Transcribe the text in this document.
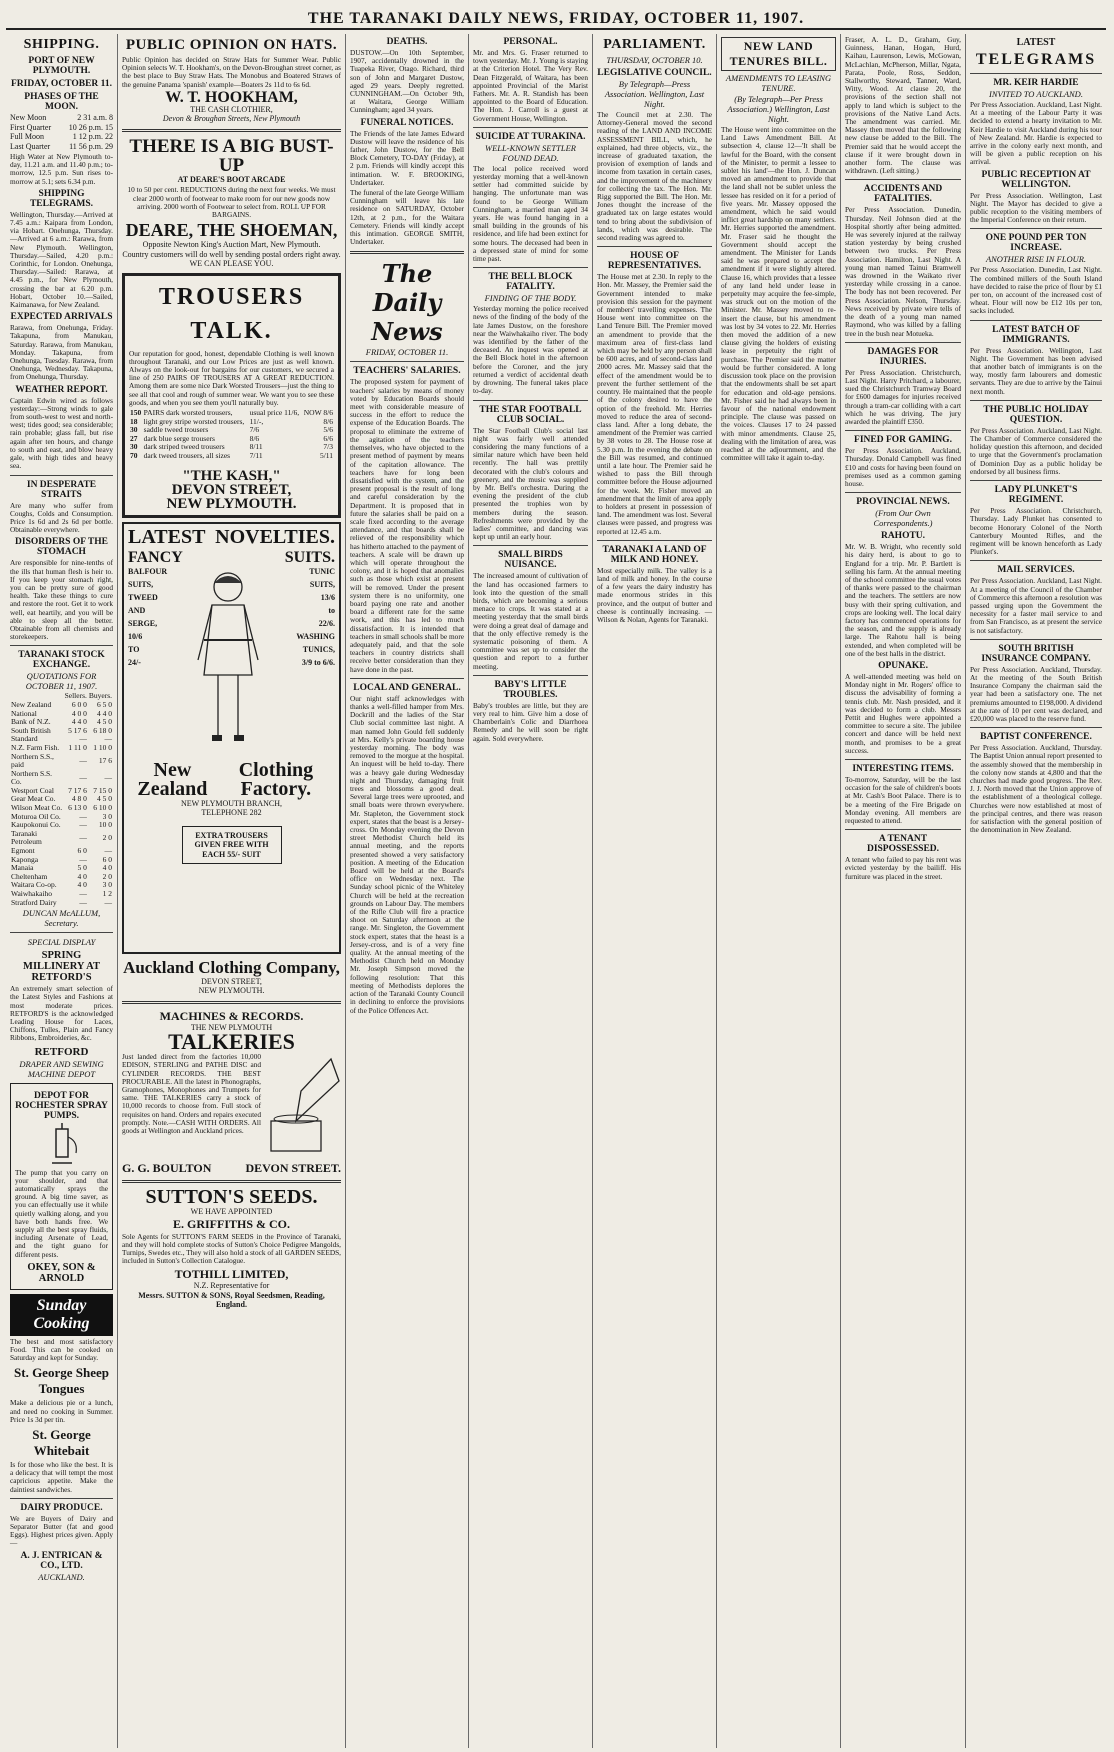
THE TARANAKI DAILY NEWS, FRIDAY, OCTOBER 11, 1907.
SHIPPING.
PORT OF NEW PLYMOUTH.
FRIDAY, OCTOBER 11.
PHASES OF THE MOON.
New Moon	2 31 a.m. 8
First Quarter 10 26 p.m. 15
Full Moon	1 12 p.m. 22
Last Quarter 11 56 p.m. 29
High Water at New Plymouth to-day, 11.21 a.m. and 11.40 p.m.; to-morrow, 12.5 p.m. Sun rises to-morrow at 5.1; sets 6.34 p.m.
SHIPPING TELEGRAMS.
Wellington, Thursday.—Arrived at 7.45 a.m.: Kaipara from London, via Hobart. Onehunga, Thursday.—Arrived at 6 a.m.: Rarawa, from New Plymouth. Wellington, Thursday.—Sailed, 4.20 p.m.: Corinthic, for London. Onehunga, Thursday.—Sailed: Rarawa, at 4.45 p.m., for New Plymouth, crossing the bar at 6.20 p.m. Hobart, October 10.—Sailed, Kaimanawa, for New Zealand.
EXPECTED ARRIVALS
Rarawa, from Onehunga, Friday. Takapuna, from Manukau, Saturday. Rarawa, from Manukau, Monday. Takapuna, from Onehunga, Tuesday. Rarawa, from Onehunga, Wednesday. Takapuna, from Onehunga, Thursday.
WEATHER REPORT.
Captain Edwin wired as follows yesterday:—Strong winds to gale from south-west to west and north-west; tides good; sea considerable; rain probable; glass fall, but rise again after ten hours, and change to south and east, and blow heavy gale, with high tides and heavy sea.
IN DESPERATE STRAITS
Are many who suffer from Coughs, Colds and Consumption. Price 1s 6d and 2s 6d per bottle. Obtainable everywhere.
DISORDERS OF THE STOMACH
Are responsible for nine-tenths of the ills that human flesh is heir to. If you keep your stomach right, you can be pretty sure of good health. Take these things to cure and restore the root. Get it to work well, eat heartily, and you will be able to sleep all the better. Obtainable from all chemists and storekeepers.
TARANAKI STOCK EXCHANGE.
QUOTATIONS FOR OCTOBER 11, 1907.
	Sellers.	Buyers.
New Zealand	6 0 0	6 5 0
National	4 0 0	4 4 0
Bank of N.Z.	4 4 0	4 5 0
South British	5 17 6	6 18 0
Standard	—	—
N.Z. Farm Fish.	1 11 0	1 10 0
Northern S.S., paid	—	17 6
Northern S.S. Co.	—	—
Westport Coal	7 17 6	7 15 0
Gear Meat Co.	4 8 0	4 5 0
Wilson Meat Co.	6 13 0	6 10 0
Moturoa Oil Co.	—	3 0
Kaupokonui Co.	—	10 0
Taranaki Petroleum	—	2 0
Egmont	6 0	—
Kaponga	—	6 0
Manaia	5 0	4 0
Cheltenham	4 0	2 0
Waitara Co-op.	4 0	3 0
Waiwhakaiho	—	1 2
Stratford Dairy	—	—
DUNCAN McALLUM, Secretary.
SPECIAL DISPLAY
SPRING MILLINERY AT RETFORD'S
An extremely smart selection of the Latest Styles and Fashions at most moderate prices. RETFORD'S is the acknowledged Leading House for Laces, Chiffons, Tulles, Plain and Fancy Ribbons, Embroideries, &c.
RETFORD
DRAPER AND SEWING MACHINE DEPOT
DEPOT FOR ROCHESTER SPRAY PUMPS.
The pump that you carry on your shoulder, and that automatically sprays the ground. A big time saver, as you can effectually use it while quietly walking along, and you have both hands free. We supply all the best spray fluids, including Arsenate of Lead, and the tight guano for different pests.
OKEY, SON & ARNOLD
Sunday Cooking
The best and most satisfactory Food. This can be cooked on Saturday and kept for Sunday.
St. George Sheep Tongues
Make a delicious pie or a lunch, and need no cooking in Summer. Price 1s 3d per tin.
St. George Whitebait
Is for those who like the best. It is a delicacy that will tempt the most capricious appetite. Make the daintiest sandwiches.
DAIRY PRODUCE.
We are Buyers of Dairy and Separator Butter (fat and good Eggs). Highest prices given. Apply—
A. J. ENTRICAN & CO., LTD.
AUCKLAND.
PUBLIC OPINION ON HATS.
Public Opinion has decided on Straw Hats for Summer Wear. Public Opinion selects W. T. Hookham's, on the Devon-Broughan street corner, as the best place to Buy Straw Hats. The Monobus and Boatered Straws of the genuine Panama 'spanish' example—Boaters 2s 11d to 6s 6d.
W. T. HOOKHAM,
THE CASH CLOTHIER,
Devon & Broughan Streets, New Plymouth
THERE IS A BIG BUST-UP
AT DEARE'S BOOT ARCADE
10 to 50 per cent. REDUCTIONS during the next four weeks. We must clear 2000 worth of footwear to make room for our new goods now arriving. 2000 worth of Footwear to select from. ROLL UP FOR BARGAINS.
DEARE, THE SHOEMAN,
Opposite Newton King's Auction Mart, New Plymouth.
Country customers will do well by sending postal orders right away. WE CAN PLEASE YOU.
TROUSERS TALK.
Our reputation for good, honest, dependable Clothing is well known throughout Taranaki, and our Low Prices are just as well known. Always on the look-out for bargains for our customers, we secured a line of 250 PAIRS OF TROUSERS AT A GREAT REDUCTION. Among them are some nice Dark Worsted Trousers—just the thing to see all that cool and rough of summer wear. We want you to see these goods, and when you see them you'll naturally buy.
150	PAIRS dark worsted trousers,	usual price 11/6,	NOW 8/6
18	light grey stripe worsted trousers,	11/-,	8/6
30	saddle tweed trousers	7/6	5/6
27	dark blue serge trousers	8/6	6/6
30	dark striped tweed trousers	8/11	7/3
70	dark tweed trousers, all sizes	7/11	5/11
"THE KASH,"
DEVON STREET,
NEW PLYMOUTH.
LATEST NOVELTIES.
FANCY	SUITS.
BALFOUR
SUITS,
TWEED
AND
SERGE,
10/6
TO
24/-
TUNIC
SUITS,
13/6
to
22/6.
WASHING
TUNICS,
3/9 to 6/6.
New Zealand
Clothing Factory.
NEW PLYMOUTH BRANCH,
TELEPHONE 282
EXTRA TROUSERS GIVEN FREE WITH EACH 55/- SUIT
Auckland Clothing Company,
DEVON STREET,
NEW PLYMOUTH.
MACHINES & RECORDS.
THE NEW PLYMOUTH
TALKERIES
Just landed direct from the factories 10,000 EDISON, STERLING and PATHE DISC and CYLINDER RECORDS. THE BEST PROCURABLE. All the latest in Phonographs, Gramophones, Monophones and Trumpets for same. THE TALKERIES carry a stock of 10,000 records to choose from. Full stock of requisites on hand. Orders and repairs executed promptly. Note.—CASH WITH ORDERS. All goods at Wellington and Auckland prices.
G. G. BOULTON	DEVON STREET.
SUTTON'S SEEDS.
WE HAVE APPOINTED
E. GRIFFITHS & CO.
Sole Agents for SUTTON'S FARM SEEDS in the Province of Taranaki, and they will hold complete stocks of Sutton's Choice Pedigree Mangolds, Turnips, Swedes etc., They will also hold a stock of all GARDEN SEEDS, included in Sutton's Collection Catalogue.
TOTHILL LIMITED,
N.Z. Representative for
Messrs. SUTTON & SONS, Royal Seedsmen, Reading, England.
DEATHS.
DUSTOW.—On 10th September, 1907, accidentally drowned in the Tuapeka River, Otago. Richard, third son of John and Margaret Dustow, aged 29 years. Deeply regretted. CUNNINGHAM.—On October 9th, at Waitara, George William Cunningham; aged 34 years.
FUNERAL NOTICES.
The Friends of the late James Edward Dustow will leave the residence of his father, John Dustow, for the Bell Block Cemetery, TO-DAY (Friday), at 2 p.m. Friends will kindly accept this intimation. W. F. BROOKING, Undertaker.
The funeral of the late George William Cunningham will leave his late residence on SATURDAY, October 12th, at 2 p.m., for the Waitara Cemetery. Friends will kindly accept this intimation. GEORGE SMITH, Undertaker.
The Daily News
FRIDAY, OCTOBER 11.
TEACHERS' SALARIES.
The proposed system for payment of teachers' salaries by means of money voted by Education Boards should meet with considerable measure of success in the effort to reduce the expense of the Education Boards. The proposal to eliminate the extreme of the agitation of the teachers themselves, who have objected to the present method of payment by means of the capitation allowance. The teachers have for long been dissatisfied with the system, and the present proposal is the result of long and careful consideration by the Department. It is proposed that in future the salaries shall be paid on a scale fixed according to the average attendance, and that boards shall be relieved of the responsibility which has hitherto attached to the payment of teachers. A scale will be drawn up which will operate throughout the colony, and it is hoped that anomalies such as those which exist at present will be removed. Under the present system there is no uniformity, one board paying one rate and another board a different rate for the same work, and this has led to much dissatisfaction. It is intended that teachers in small schools shall be more adequately paid, and that the sole teachers in country districts shall receive better consideration than they have done in the past.
LOCAL AND GENERAL.
Our night staff acknowledges with thanks a well-filled hamper from Mrs. Dockrill and the ladies of the Star Club social committee last night. A man named John Gould fell suddenly at Mrs. Kelly's private boarding house yesterday morning. The body was removed to the morgue at the hospital. An inquest will be held to-day. There was a heavy gale during Wednesday night and Thursday, damaging fruit trees and blossoms a good deal. Several large trees were uprooted, and small boats were thrown everywhere. Mr. Stapleton, the Government stock expert, states that the beast is a Jersey-cross. On Monday evening the Devon street Methodist Church held its annual meeting, and the reports presented showed a very satisfactory position. A meeting of the Education Board will be held at the Board's office on Wednesday next. The Sunday school picnic of the Whiteley Church will be held at the recreation grounds on Labour Day. The members of the Rifle Club will fire a practice shoot on Saturday afternoon at the range. Mr. Singleton, the Government stock expert, states that the heast is a Jersey-cross, and is of a very fine quality. At the annual meeting of the Methodist Church held on Monday Mr. Joseph Simpson moved the following resolution: That this meeting of Methodists deplores the action of the Taranaki County Council in declining to enforce the provisions of the Police Offences Act.
PERSONAL.
Mr. and Mrs. G. Fraser returned to town yesterday. Mr. J. Young is staying at the Criterion Hotel. The Very Rev. Dean Fitzgerald, of Waitara, has been appointed Provincial of the Marist Fathers. Mr. A. R. Standish has been appointed to the Board of Education. The Hon. J. Carroll is a guest at Government House, Wellington.
SUICIDE AT TURAKINA.
WELL-KNOWN SETTLER FOUND DEAD.
The local police received word yesterday morning that a well-known settler had committed suicide by hanging. The unfortunate man was found to be George William Cunningham, a married man aged 34 years. He was found hanging in a small building in the grounds of his residence, and life had been extinct for some hours. The deceased had been in a depressed state of mind for some time past.
THE BELL BLOCK FATALITY.
FINDING OF THE BODY.
Yesterday morning the police received news of the finding of the body of the late James Dustow, on the foreshore near the Waiwhakaiho river. The body was identified by the father of the deceased. An inquest was opened at the Bell Block hotel in the afternoon before the Coroner, and the jury returned a verdict of accidental death by drowning. The funeral takes place to-day.
THE STAR FOOTBALL CLUB SOCIAL.
The Star Football Club's social last night was fairly well attended considering the many functions of a similar nature which have been held recently. The hall was prettily decorated with the club's colours and greenery, and the music was supplied by Mr. Bell's orchestra. During the evening the president of the club presented the trophies won by members during the season. Refreshments were provided by the ladies' committee, and dancing was kept up until an early hour.
SMALL BIRDS NUISANCE.
The increased amount of cultivation of the land has occasioned farmers to look into the question of the small birds, which are becoming a serious menace to crops. It was stated at a meeting yesterday that the small birds were doing a great deal of damage and that the only effective remedy is the systematic poisoning of them. A committee was set up to consider the question and report to a further meeting.
BABY'S LITTLE TROUBLES.
Baby's troubles are little, but they are very real to him. Give him a dose of Chamberlain's Colic and Diarrhoea Remedy and he will soon be right again. Sold everywhere.
PARLIAMENT.
THURSDAY, OCTOBER 10.
LEGISLATIVE COUNCIL.
By Telegraph—Press Association. Wellington, Last Night.
The Council met at 2.30. The Attorney-General moved the second reading of the LAND AND INCOME ASSESSMENT BILL, which, he explained, had three objects, viz., the increase of graduated taxation, the provision of exemption of lands and income from taxation in certain cases, and the improvement of the machinery for collecting the tax. The Hon. Mr. Rigg supported the Bill. The Hon. Mr. Jones thought the increase of the graduated tax on large estates would tend to bring about the subdivision of lands, which was desirable. The second reading was agreed to.
HOUSE OF REPRESENTATIVES.
The House met at 2.30. In reply to the Hon. Mr. Massey, the Premier said the Government intended to make provision this session for the payment of members' travelling expenses. The House went into committee on the Land Tenure Bill. The Premier moved an amendment to provide that the maximum area of first-class land which may be held by any person shall be 600 acres, and of second-class land 2000 acres. Mr. Massey said that the effect of the amendment would be to prevent the further settlement of the country. He maintained that the people of the colony desired to have the option of the freehold. Mr. Herries moved to reduce the area of second-class land. After a long debate, the amendment of the Premier was carried by 38 votes to 28. The House rose at 5.30 p.m. In the evening the debate on the Bill was resumed, and continued until a late hour. The Premier said he wished to pass the Bill through committee before the House adjourned for the week. Mr. Fisher moved an amendment that the limit of area apply to holders at present in possession of land. The amendment was lost. Several clauses were passed, and progress was reported at 12.45 a.m.
TARANAKI A LAND OF MILK AND HONEY.
Most especially milk. The valley is a land of milk and honey. In the course of a few years the dairy industry has made enormous strides in this province, and the output of butter and cheese is continually increasing. — Wilson & Nolan, Agents for Taranaki.
NEW LAND TENURES BILL.
AMENDMENTS TO LEASING TENURE.
(By Telegraph—Per Press Association.) Wellington, Last Night.
The House went into committee on the Land Laws Amendment Bill. At subsection 4, clause 12—'It shall be lawful for the Board, with the consent of the Minister, to permit a lessee to sublet his land'—the Hon. J. Duncan moved an amendment to provide that the land shall not be sublet unless the lessee has resided on it for a period of five years. Mr. Massey opposed the amendment, which he said would inflict great hardship on many settlers. Mr. Herries supported the amendment. Mr. Fraser said he thought the Government should accept the amendment. The Minister for Lands said he was prepared to accept the amendment if it were slightly altered. Clause 16, which provides that a lessee of any land held under lease in perpetuity may acquire the fee-simple, was struck out on the motion of the Minister. Mr. Massey moved to re-insert the clause, but his amendment was lost by 34 votes to 22. Mr. Herries then moved the addition of a new clause giving the holders of existing lease in perpetuity the right of purchase. The Premier said the matter would be further considered. A long discussion took place on the provision that the endowments shall be set apart for education and old-age pensions. Mr. Fisher said he had always been in favour of the national endowment principle. The clause was passed on the voices. Clauses 17 to 24 passed with minor amendments. Clause 25, dealing with the limitation of area, was reached at the adjournment, and the committee will take it again to-day.
Fraser, A. L. D., Graham, Guy, Guinness, Hanan, Hogan, Hurd, Kaihau, Laurenson, Lewis, McGowan, McLachlan, McPherson, Millar, Ngata, Parata, Poole, Ross, Seddon, Stallworthy, Steward, Tanner, Ward, Witty, Wood. At clause 20, the provisions of the section shall not apply to land which is subject to the provisions of the Native Land Acts. The amendment was carried. Mr. Massey then moved that the following new clause be added to the Bill. The Premier said that he would accept the clause if it were brought down in another form. The clause was withdrawn. (Left sitting.)
ACCIDENTS AND FATALITIES.
Per Press Association. Dunedin, Thursday. Neil Johnson died at the Hospital shortly after being admitted. He was severely injured at the railway station yesterday by being crushed between two trucks. Per Press Association. Hamilton, Last Night. A young man named Tainui Bramwell was drowned in the Waikato river yesterday while crossing in a canoe. The body has not been recovered. Per Press Association. Nelson, Thursday. News received by private wire tells of the death of a young man named Raymond, who was killed by a falling tree in the bush near Motueka.
DAMAGES FOR INJURIES.
Per Press Association. Christchurch, Last Night. Harry Pritchard, a labourer, sued the Christchurch Tramway Board for £600 damages for injuries received through a tram-car colliding with a cart which he was driving. The jury awarded the plaintiff £350.
FINED FOR GAMING.
Per Press Association. Auckland, Thursday. Donald Campbell was fined £10 and costs for having been found on premises used as a common gaming house.
PROVINCIAL NEWS.
(From Our Own Correspondents.)
RAHOTU.
Mr. W. B. Wright, who recently sold his dairy herd, is about to go to England for a trip. Mr. P. Bartlett is selling his farm. At the annual meeting of the school committee the usual votes of thanks were passed to the chairman and the teachers. The settlers are now busy with their spring cultivation, and crops are looking well. The local dairy factory has commenced operations for the season, and the supply is already large. The Rahotu hall is being extended, and when completed will be one of the best halls in the district.
OPUNAKE.
A well-attended meeting was held on Monday night in Mr. Rogers' office to discuss the advisability of forming a tennis club. Mr. Nash presided, and it was decided to form a club. Messrs Pettit and Hughes were appointed a committee to secure a site. The jubilee concert and dance will be held next month, and promises to be a great success.
INTERESTING ITEMS.
To-morrow, Saturday, will be the last occasion for the sale of children's boots at Mr. Cash's Boot Palace. There is to be a meeting of the Fire Brigade on Monday evening. All members are requested to attend.
A TENANT DISPOSSESSED.
A tenant who failed to pay his rent was evicted yesterday by the bailiff. His furniture was placed in the street.
LATEST
TELEGRAMS
MR. KEIR HARDIE
INVITED TO AUCKLAND.
Per Press Association. Auckland, Last Night. At a meeting of the Labour Party it was decided to extend a hearty invitation to Mr. Keir Hardie to visit Auckland during his tour of New Zealand. Mr. Hardie is expected to arrive in the colony early next month, and will be given a public reception on his arrival.
PUBLIC RECEPTION AT WELLINGTON.
Per Press Association. Wellington, Last Night. The Mayor has decided to give a public reception to the visiting members of the Imperial Conference on their return.
ONE POUND PER TON INCREASE.
ANOTHER RISE IN FLOUR.
Per Press Association. Dunedin, Last Night. The combined millers of the South Island have decided to raise the price of flour by £1 per ton, on account of the increased cost of wheat. Flour will now be £12 10s per ton, sacks included.
LATEST BATCH OF IMMIGRANTS.
Per Press Association. Wellington, Last Night. The Government has been advised that another batch of immigrants is on the way, mostly farm labourers and domestic servants. They are due to arrive by the Tainui next month.
THE PUBLIC HOLIDAY QUESTION.
Per Press Association. Auckland, Last Night. The Chamber of Commerce considered the holiday question this afternoon, and decided to urge that the Government's proclamation of Dominion Day as a public holiday be endorsed by all business firms.
LADY PLUNKET'S REGIMENT.
Per Press Association. Christchurch, Thursday. Lady Plunket has consented to become Honorary Colonel of the North Canterbury Mounted Rifles, and the regiment will be known henceforth as Lady Plunket's.
MAIL SERVICES.
Per Press Association. Auckland, Last Night. At a meeting of the Council of the Chamber of Commerce this afternoon a resolution was passed urging upon the Government the necessity for a faster mail service to and from San Francisco, as at present the service is not satisfactory.
SOUTH BRITISH INSURANCE COMPANY.
Per Press Association. Auckland, Thursday. At the meeting of the South British Insurance Company the chairman said the year had been a satisfactory one. The net premiums amounted to £198,000. A dividend at the rate of 10 per cent was declared, and £20,000 was placed to the reserve fund.
BAPTIST CONFERENCE.
Per Press Association. Auckland, Thursday. The Baptist Union annual report presented to the assembly showed that the membership in the colony now stands at 4,800 and that the churches had made good progress. The Rev. J. J. North moved that the Union approve of the establishment of a theological college. Churches were now established at most of the principal centres, and there was reason for satisfaction with the general position of the denomination in New Zealand.
